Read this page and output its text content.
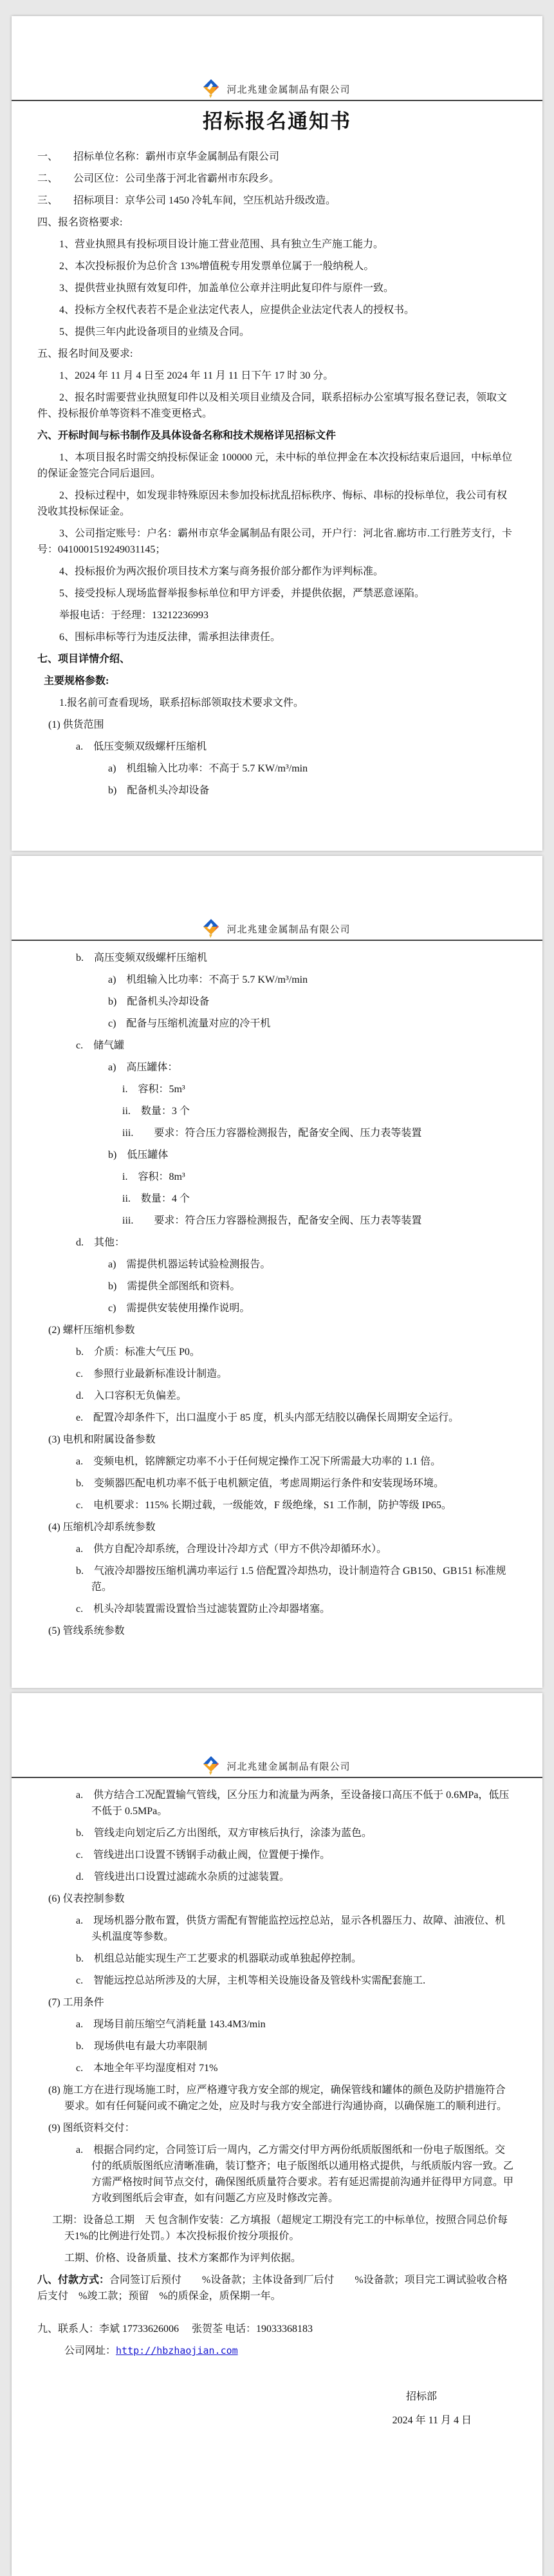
河北兆建金属制品有限公司
招标报名通知书
一、　　招标单位名称：霸州市京华金属制品有限公司
二、　　公司区位：公司坐落于河北省霸州市东段乡。
三、　　招标项目：京华公司 1450 冷轧车间，空压机站升级改造。
四、报名资格要求:
1、营业执照具有投标项目设计施工营业范围、具有独立生产施工能力。
2、本次投标报价为总价含 13%增值税专用发票单位属于一般纳税人。
3、提供营业执照有效复印件，加盖单位公章并注明此复印件与原件一致。
4、投标方全权代表若不是企业法定代表人，应提供企业法定代表人的授权书。
5、提供三年内此设备项目的业绩及合同。
五、报名时间及要求:
1、2024 年 11 月 4 日至 2024 年 11 月 11 日下午 17 时 30 分。
2、报名时需要营业执照复印件以及相关项目业绩及合同，联系招标办公室填写报名登记表，领取文件、投标报价单等资料不准变更格式。
六、开标时间与标书制作及具体设备名称和技术规格详见招标文件
1、本项目报名时需交纳投标保证金 100000 元，未中标的单位押金在本次投标结束后退回，中标单位的保证金签完合同后退回。
2、投标过程中，如发现非特殊原因未参加投标扰乱招标秩序、悔标、串标的投标单位，我公司有权没收其投标保证金。
3、公司指定账号：户名：霸州市京华金属制品有限公司，开户行：河北省.廊坊市.工行胜芳支行，卡号：0410001519249031145；
4、投标报价为两次报价项目技术方案与商务报价部分都作为评判标准。
5、接受投标人现场监督举报参标单位和甲方评委，并提供依据，严禁恶意诬陷。
举报电话：于经理：13212236993
6、围标串标等行为违反法律，需承担法律责任。
七、项目详情介绍、
主要规格参数:
1.报名前可查看现场，联系招标部领取技术要求文件。
(1) 供货范围
a.　低压变频双级螺杆压缩机
a)　机组输入比功率：不高于 5.7 KW/m³/min
b)　配备机头冷却设备
河北兆建金属制品有限公司
b.　高压变频双级螺杆压缩机
a)　机组输入比功率：不高于 5.7 KW/m³/min
b)　配备机头冷却设备
c)　配备与压缩机流量对应的冷干机
c.　储气罐
a)　高压罐体：
i.　容积：5m³
ii.　数量：3 个
iii.　　要求：符合压力容器检测报告，配备安全阀、压力表等装置
b)　低压罐体
i.　容积：8m³
ii.　数量：4 个
iii.　　要求：符合压力容器检测报告，配备安全阀、压力表等装置
d.　其他：
a)　需提供机器运转试验检测报告。
b)　需提供全部图纸和资料。
c)　需提供安装使用操作说明。
(2) 螺杆压缩机参数
b.　介质：标准大气压 P0。
c.　参照行业最新标准设计制造。
d.　入口容积无负偏差。
e.　配置冷却条件下，出口温度小于 85 度，机头内部无结胶以确保长周期安全运行。
(3) 电机和附属设备参数
a.　变频电机，铭牌额定功率不小于任何规定操作工况下所需最大功率的 1.1 倍。
b.　变频器匹配电机功率不低于电机额定值，考虑周期运行条件和安装现场环境。
c.　电机要求：115% 长期过载，一级能效，F 级绝缘，S1 工作制，防护等级 IP65。
(4) 压缩机冷却系统参数
a.　供方自配冷却系统，合理设计冷却方式（甲方不供冷却循环水）。
b.　气液冷却器按压缩机满功率运行 1.5 倍配置冷却热功，设计制造符合 GB150、GB151 标准规范。
c.　机头冷却装置需设置恰当过滤装置防止冷却器堵塞。
(5) 管线系统参数
河北兆建金属制品有限公司
a.　供方结合工况配置输气管线，区分压力和流量为两条，至设备接口高压不低于 0.6MPa，低压不低于 0.5MPa。
b.　管线走向划定后乙方出图纸，双方审核后执行，涂漆为蓝色。
c.　管线进出口设置不锈钢手动截止阀，位置便于操作。
d.　管线进出口设置过滤疏水杂质的过滤装置。
(6) 仪表控制参数
a.　现场机器分散布置，供货方需配有智能监控远控总站，显示各机器压力、故障、油液位、机头机温度等参数。
b.　机组总站能实现生产工艺要求的机器联动或单独起停控制。
c.　智能远控总站所涉及的大屏，主机等相关设施设备及管线朴实需配套施工.
(7) 工用条件
a.　现场目前压缩空气消耗量 143.4M3/min
b.　现场供电有最大功率限制
c.　本地全年平均湿度相对 71%
(8) 施工方在进行现场施工时，应严格遵守我方安全部的规定，确保管线和罐体的颜色及防护措施符合要求。如有任何疑问或不确定之处，应及时与我方安全部进行沟通协商，以确保施工的顺利进行。
(9) 图纸资料交付：
a.　根据合同约定，合同签订后一周内，乙方需交付甲方两份纸质版图纸和一份电子版图纸。交付的纸质版图纸应清晰准确，装订整齐；电子版图纸以通用格式提供，与纸质版内容一致。乙方需严格按时间节点交付，确保图纸质量符合要求。若有延迟需提前沟通并征得甲方同意。甲方收到图纸后会审查，如有问题乙方应及时修改完善。
工期：设备总工期　天 包含制作安装：乙方填报（超规定工期没有完工的中标单位，按照合同总价每天1%的比例进行处罚。）本次投标报价按分项报价。
工期、价格、设备质量、技术方案都作为评判依据。
八、付款方式：合同签订后预付　　%设备款；主体设备到厂后付　　%设备款；项目完工调试验收合格后支付　%竣工款；预留　%的质保金，质保期一年。
九、联系人：李斌 17733626006　 张贺荃 电话：19033368183
公司网址：http://hbzhaojian.com
招标部
2024 年 11 月 4 日
